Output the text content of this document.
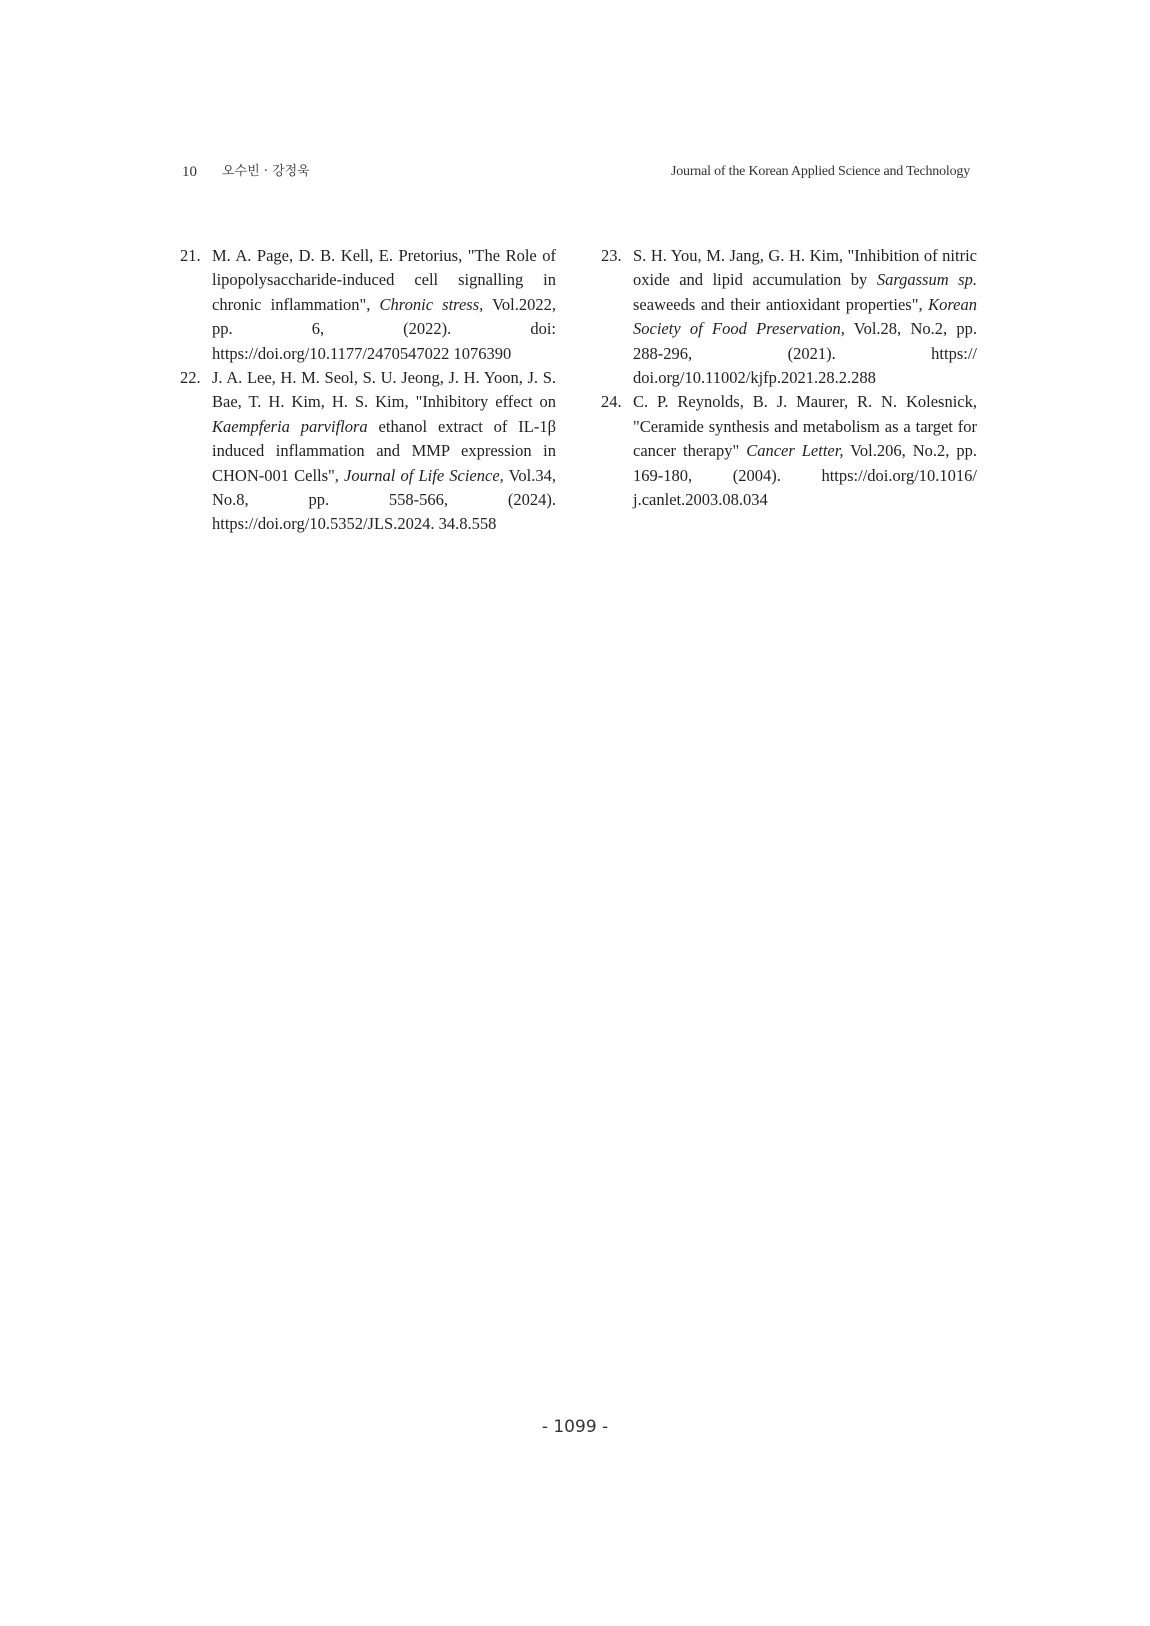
10 오수빈 · 강정욱	Journal of the Korean Applied Science and Technology
21. M. A. Page, D. B. Kell, E. Pretorius, "The Role of lipopolysaccharide-induced cell signalling in chronic inflammation", Chronic stress, Vol.2022, pp. 6, (2022). doi: https://doi.org/10.1177/2470547022 1076390
22. J. A. Lee, H. M. Seol, S. U. Jeong, J. H. Yoon, J. S. Bae, T. H. Kim, H. S. Kim, "Inhibitory effect on Kaempferia parviflora ethanol extract of IL-1β induced inflammation and MMP expression in CHON-001 Cells", Journal of Life Science, Vol.34, No.8, pp. 558-566, (2024). https://doi.org/10.5352/JLS.2024. 34.8.558
23. S. H. You, M. Jang, G. H. Kim, "Inhibition of nitric oxide and lipid accumulation by Sargassum sp. seaweeds and their antioxidant properties", Korean Society of Food Preservation, Vol.28, No.2, pp. 288-296, (2021). https:// doi.org/10.11002/kjfp.2021.28.2.288
24. C. P. Reynolds, B. J. Maurer, R. N. Kolesnick, "Ceramide synthesis and metabolism as a target for cancer therapy" Cancer Letter, Vol.206, No.2, pp. 169-180, (2004). https://doi.org/10.1016/ j.canlet.2003.08.034
- 1099 -
